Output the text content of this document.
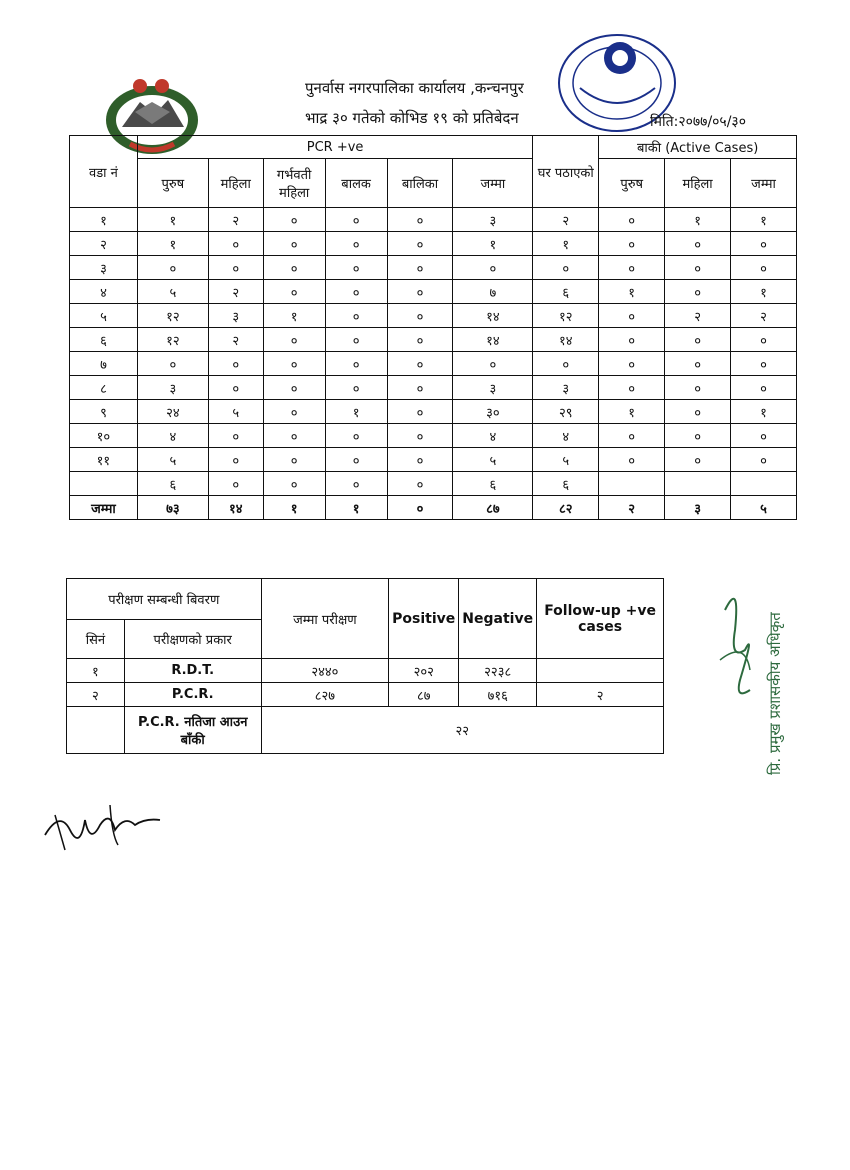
पुनर्वास नगरपालिका कार्यालय ,कन्चनपुर
भाद्र ३० गतेको कोभिड १९ को प्रतिबेदन	मिति:२०७७/०५/३०
वडा नं	PCR +ve						घर पठाएको	बाकी (Active Cases)		
	पुरुष	महिला	गर्भवती महिला	बालक	बालिका	जम्मा		पुरुष	महिला	जम्मा
१	१	२	०	०	०	३	२	०	१	१
२	१	०	०	०	०	१	१	०	०	०
३	०	०	०	०	०	०	०	०	०	०
४	५	२	०	०	०	७	६	१	०	१
५	१२	३	१	०	०	१४	१२	०	२	२
६	१२	२	०	०	०	१४	१४	०	०	०
७	०	०	०	०	०	०	०	०	०	०
८	३	०	०	०	०	३	३	०	०	०
९	२४	५	०	१	०	३०	२९	१	०	१
१०	४	०	०	०	०	४	४	०	०	०
११	५	०	०	०	०	५	५	०	०	०
	६	०	०	०	०	६	६			
जम्मा	७३	१४	१	१	०	८७	८२	२	३	५
परीक्षण सम्बन्धी बिवरण		जम्मा परीक्षण	Positive	Negative	Follow-up +ve cases
सिनं	परीक्षणको प्रकार				
१	R.D.T.	२४४०	२०२	२२३८	
२	P.C.R.	८२७	८७	७१६	२
	P.C.R. नतिजा आउन बाँकी	२२				प्रि. प्रमुख प्रशासकीय अधिकृत
